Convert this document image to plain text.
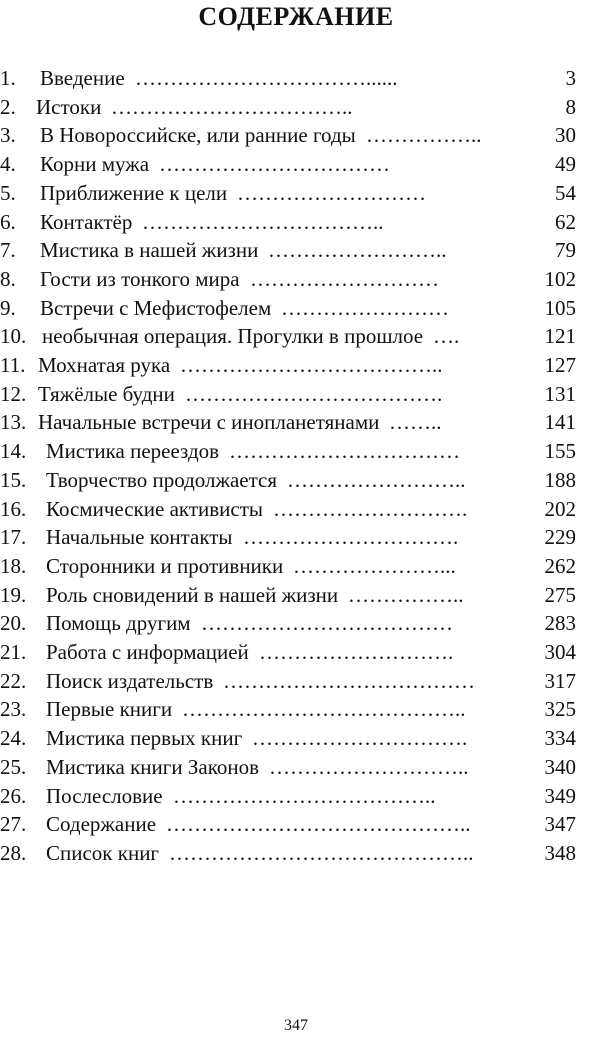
СОДЕРЖАНИЕ
1. Введение ……………………………......	3
2. Истоки ……………………………..	8
3. В Новороссийске, или ранние годы ……………..	30
4. Корни мужа ……………………………	49
5. Приближение к цели ………………………	54
6. Контактёр ……………………………..	62
7. Мистика в нашей жизни ……………………..	79
8. Гости из тонкого мира ………………………	102
9. Встречи с Мефистофелем ……………………	105
10. необычная операция. Прогулки в прошлое ….	121
11. Мохнатая рука ………………………………..	127
12. Тяжёлые будни ……………………………….	131
13. Начальные встречи с инопланетянами ……..	141
14. Мистика переездов ……………………………	155
15. Творчество продолжается ……………………..	188
16. Космические активисты ……………………….	202
17. Начальные контакты ………………………….	229
18. Сторонники и противники …………………...	262
19. Роль сновидений в нашей жизни ……………..	275
20. Помощь другим ………………………………	283
21. Работа с информацией ……………………….	304
22. Поиск издательств ………………………………	317
23. Первые книги …………………………………..	325
24. Мистика первых книг ………………………….	334
25. Мистика книги Законов ………………………..	340
26. Послесловие ………………………………..	349
27. Содержание ……………………………………..	347
28. Список книг ……………………………………..	348
347
